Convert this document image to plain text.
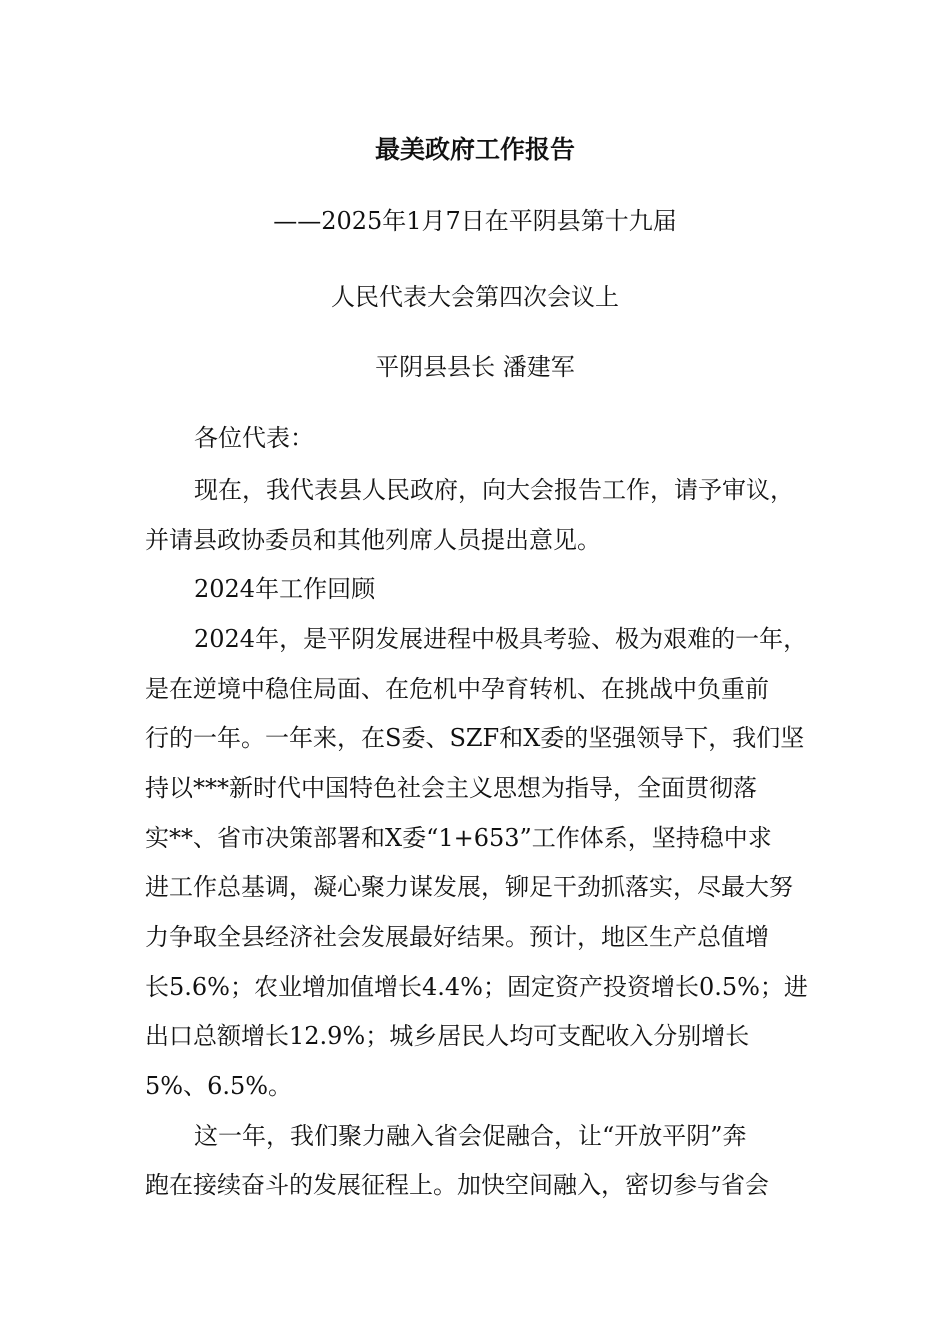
最美政府工作报告
——2025年1月7日在平阴县第十九届
人民代表大会第四次会议上
平阴县县长 潘建军
各位代表：
现在，我代表县人民政府，向大会报告工作，请予审议，
并请县政协委员和其他列席人员提出意见。
2024年工作回顾
2024年，是平阴发展进程中极具考验、极为艰难的一年，
是在逆境中稳住局面、在危机中孕育转机、在挑战中负重前
行的一年。一年来，在S委、SZF和X委的坚强领导下，我们坚
持以***新时代中国特色社会主义思想为指导，全面贯彻落
实**、省市决策部署和X委“1+653”工作体系，坚持稳中求
进工作总基调，凝心聚力谋发展，铆足干劲抓落实，尽最大努
力争取全县经济社会发展最好结果。预计，地区生产总值增
长5.6%；农业增加值增长4.4%；固定资产投资增长0.5%；进
出口总额增长12.9%；城乡居民人均可支配收入分别增长
5%、6.5%。
这一年，我们聚力融入省会促融合，让“开放平阴”奔
跑在接续奋斗的发展征程上。加快空间融入，密切参与省会
